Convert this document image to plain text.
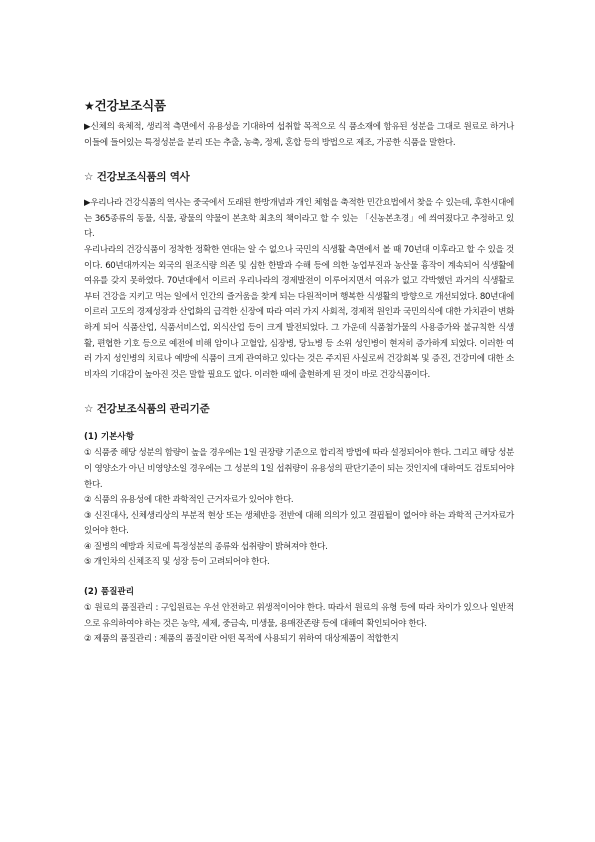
★건강보조식품

▶신체의 육체적, 생리적 측면에서 유용성을 기대하여 섭취할 목적으로 식 품소재에 함유된 성분을 그대로 원료로 하거나 이들에 들어있는 특정성분을 분리 또는 추출, 농축, 정제, 혼합 등의 방법으로 제조, 가공한 식품을 말한다.

☆ 건강보조식품의 역사

▶우리나라 건강식품의 역사는 중국에서 도래된 한방개념과 개인 체험을 축적한 민간요법에서 찾을 수 있는데, 후한시대에는 365종류의 동물, 식물, 광물의 약물이 본초학 최초의 책이라고 할 수 있는 「신농본초경」에 씌여졌다고 추정하고 있다.

우리나라의 건강식품이 정착한 정확한 연대는 알 수 없으나 국민의 식생활 측면에서 볼 때 70년대 이후라고 할 수 있을 것이다. 60년대까지는 외국의 원조식량 의존 및 심한 한발과 수해 등에 의한 농업부진과 농산물 흉작이 계속되어 식생활에 여유를 갖지 못하였다. 70년대에서 이르러 우리나라의 경제발전이 이루어지면서 여유가 없고 각박했던 과거의 식생활로부터 건강을 지키고 먹는 일에서 인간의 즐거움을 찾게 되는 다원적이며 행복한 식생활의 방향으로 개선되었다. 80년대에 이르러 고도의 경제성장과 산업화의 급격한 신장에 따라 여러 가지 사회적, 경제적 원인과 국민의식에 대한 가치관이 변화하게 되어 식품산업, 식품서비스업, 외식산업 등이 크게 발전되었다. 그 가운데 식품첨가물의 사용증가와 불규칙한 식생활, 편협한 기호 등으로 예전에 비해 암이나 고혈압, 심장병, 당뇨병 등 소위 성인병이 현저히 증가하게 되었다. 이러한 여러 가지 성인병의 치료나 예방에 식품이 크게 관여하고 있다는 것은 주지된 사실로써 건강회복 및 증진, 건강미에 대한 소비자의 기대감이 높아진 것은 말할 필요도 없다. 이러한 때에 출현하게 된 것이 바로 건강식품이다.

☆ 건강보조식품의 관리기준
(1) 기본사항

① 식품중 해당 성분의 함량이 높을 경우에는 1일 권장량 기준으로 합리적 방법에 따라 설정되어야 한다. 그리고 해당 성분이 영양소가 아닌 비영양소일 경우에는 그 성분의 1일 섭취량이 유용성의 판단기준이 되는 것인지에 대하여도 검토되어야 한다.

② 식품의 유용성에 대한 과학적인 근거자료가 있어야 한다.

③ 신진대사, 신체생리상의 부분적 현상 또는 생체반응 전반에 대해 의의가 있고 결핍될이 없어야 하는 과학적 근거자료가 있어야 한다.

④ 질병의 예방과 치료에 특정성분의 종류와 섭취량이 밝혀져야 한다.

⑤ 개인차의 신체조직 및 성장 등이 고려되어야 한다.

(2) 품질관리

① 원료의 품질관리 : 구입원료는 우선 안전하고 위생적이어야 한다. 따라서 원료의 유형 등에 따라 차이가 있으나 일반적으로 유의하여야 하는 것은 농약, 세제, 중금속, 미생물, 용매잔존량 등에 대해여 확인되어야 한다.

② 제품의 품질관리 : 제품의 품질이란 어떤 목적에 사용되기 위하여 대상제품이 적합한지
